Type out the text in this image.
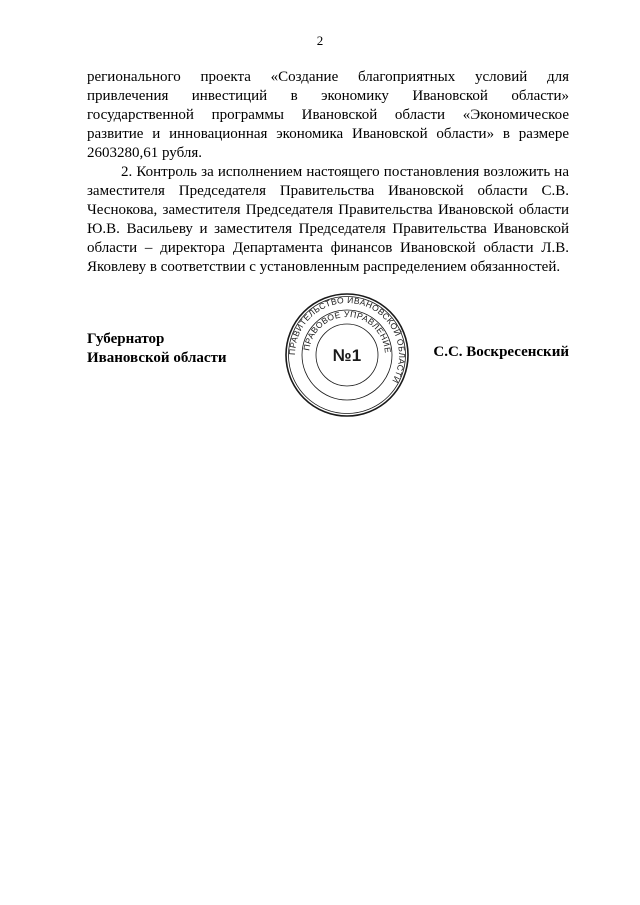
2

регионального проекта «Создание благоприятных условий для привлечения инвестиций в экономику Ивановской области» государственной программы Ивановской области «Экономическое развитие и инновационная экономика Ивановской области» в размере 2603280,61 рубля.

2. Контроль за исполнением настоящего постановления возложить на заместителя Председателя Правительства Ивановской области С.В. Чеснокова, заместителя Председателя Правительства Ивановской области Ю.В. Васильеву и заместителя Председателя Правительства Ивановской области – директора Департамента финансов Ивановской области Л.В. Яковлеву в соответствии с установленным распределением обязанностей.

Губернатор
Ивановской области	ПРАВИТЕЛЬСТВО ИВАНОВСКОЙ ОБЛАСТИ
ПРАВОВОЕ УПРАВЛЕНИЕ
№1	С.С. Воскресенский
